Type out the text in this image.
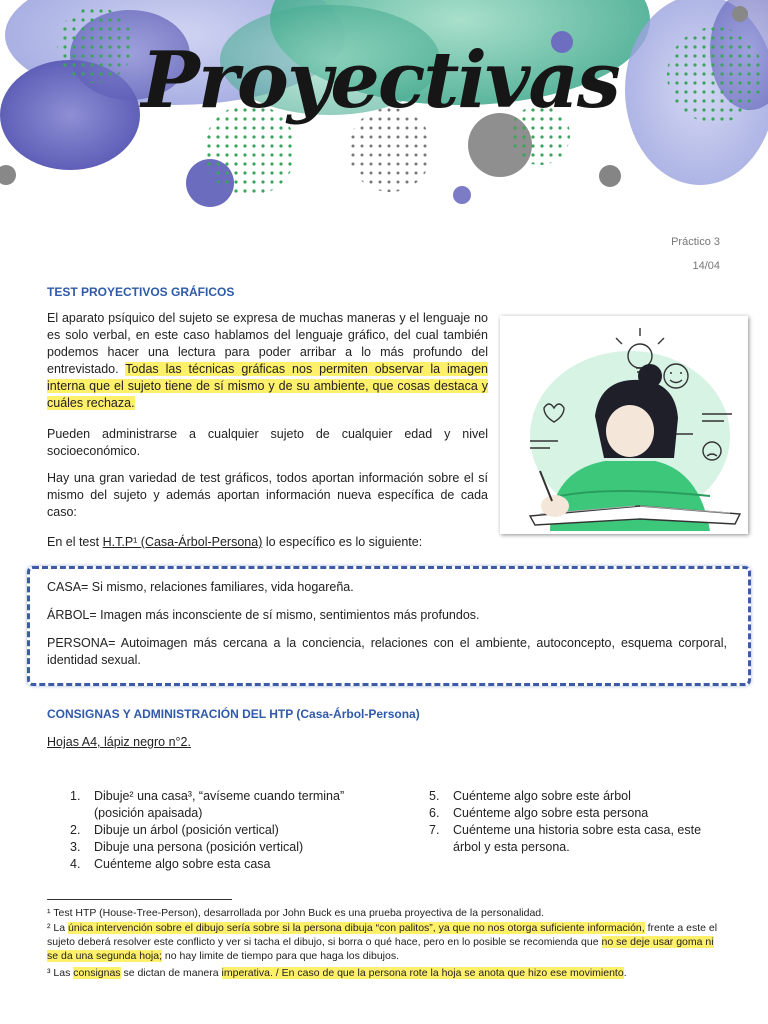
Proyectivas
Práctico 3
14/04
TEST PROYECTIVOS GRÁFICOS
El aparato psíquico del sujeto se expresa de muchas maneras y el lenguaje no es solo verbal, en este caso hablamos del lenguaje gráfico, del cual también podemos hacer una lectura para poder arribar a lo más profundo del entrevistado. Todas las técnicas gráficas nos permiten observar la imagen interna que el sujeto tiene de sí mismo y de su ambiente, que cosas destaca y cuáles rechaza.
Pueden administrarse a cualquier sujeto de cualquier edad y nivel socioeconómico.
Hay una gran variedad de test gráficos, todos aportan información sobre el sí mismo del sujeto y además aportan información nueva específica de cada caso:
En el test H.T.P¹ (Casa-Árbol-Persona) lo específico es lo siguiente:
CASA= Si mismo, relaciones familiares, vida hogareña.
ÁRBOL= Imagen más inconsciente de sí mismo, sentimientos más profundos.
PERSONA= Autoimagen más cercana a la conciencia, relaciones con el ambiente, autoconcepto, esquema corporal, identidad sexual.
CONSIGNAS Y ADMINISTRACIÓN DEL HTP (Casa-Árbol-Persona)
Hojas A4, lápiz negro n°2.
1.	Dibuje² una casa³, “avíseme cuando termina” (posición apaisada)
2.	Dibuje un árbol (posición vertical)
3.	Dibuje una persona (posición vertical)
4.	Cuénteme algo sobre esta casa
5.	Cuénteme algo sobre este árbol
6.	Cuénteme algo sobre esta persona
7.	Cuénteme una historia sobre esta casa, este árbol y esta persona.
¹ Test HTP (House-Tree-Person), desarrollada por John Buck es una prueba proyectiva de la personalidad.
² La única intervención sobre el dibujo sería sobre si la persona dibuja “con palitos”, ya que no nos otorga suficiente información, frente a este el sujeto deberá resolver este conflicto y ver si tacha el dibujo, si borra o qué hace, pero en lo posible se recomienda que no se deje usar goma ni se da una segunda hoja; no hay limite de tiempo para que haga los dibujos.
³ Las consignas se dictan de manera imperativa. / En caso de que la persona rote la hoja se anota que hizo ese movimiento.
